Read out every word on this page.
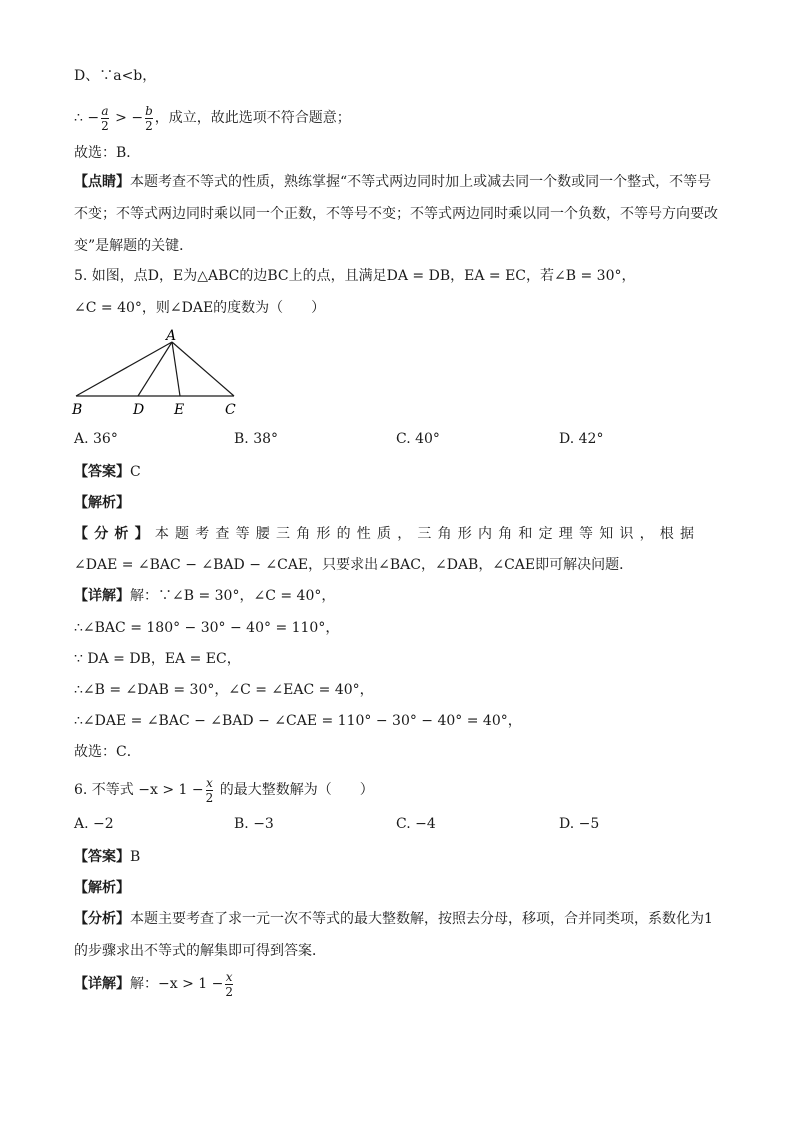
D、∵a<b，
∴ − $\frac{a}{2}$ > − $\frac{b}{2}$ ，成立，故此选项不符合题意；
故选：B．
【点睛】本题考查不等式的性质，熟练掌握“不等式两边同时加上或减去同一个数或同一个整式，不等号不变；不等式两边同时乘以同一个正数，不等号不变；不等式两边同时乘以同一个负数，不等号方向要改变”是解题的关键．
5. 如图，点D，E为△ABC的边BC上的点，且满足DA = DB，EA = EC，若∠B = 30°，
∠C = 40°，则∠DAE的度数为（　　）
A
B	D E	C
A. 36°	B. 38°	C. 40°	D. 42°
【答案】C
【解析】
【分析】本题考查等腰三角形的性质，三角形内角和定理等知识，根据
∠DAE = ∠BAC − ∠BAD − ∠CAE，只要求出∠BAC，∠DAB，∠CAE即可解决问题．
【详解】解：∵∠B = 30°，∠C = 40°，
∴∠BAC = 180° − 30° − 40° = 110°，
∵ DA = DB，EA = EC，
∴∠B = ∠DAB = 30°，∠C = ∠EAC = 40°，
∴∠DAE = ∠BAC − ∠BAD − ∠CAE = 110° − 30° − 40° = 40°，
故选：C．
6. 不等式 $-x > 1 - \frac{x}{2}$ 的最大整数解为（　　）
A. −2	B. −3	C. −4	D. −5
【答案】B
【解析】
【分析】本题主要考查了求一元一次不等式的最大整数解，按照去分母，移项，合并同类项，系数化为1的步骤求出不等式的解集即可得到答案．
【详解】解：$-x > 1 - \frac{x}{2}$
